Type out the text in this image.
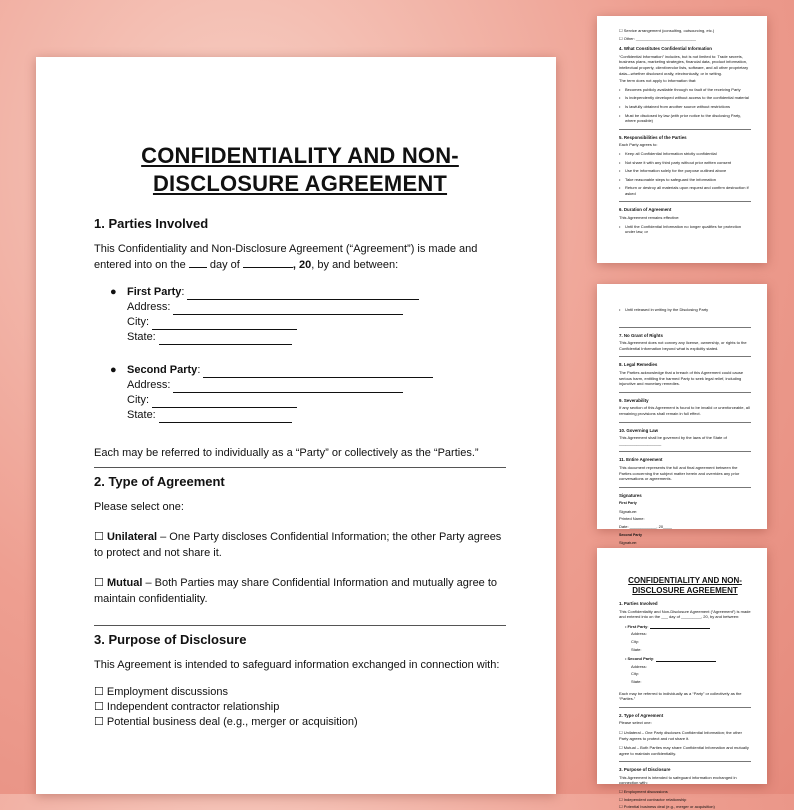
CONFIDENTIALITY AND NON-
DISCLOSURE AGREEMENT
1. Parties Involved

This Confidentiality and Non-Disclosure Agreement (“Agreement”) is made and entered into on the day of	, 20, by and between:

● First Party :
Address:
City:
State:
● Second Party :
Address:
City:
State:

Each may be referred to individually as a “Party” or collectively as the “Parties.”

2. Type of Agreement

Please select one:

☐ Unilateral – One Party discloses Confidential Information; the other Party agrees to protect and not share it.

☐ Mutual – Both Parties may share Confidential Information and mutually agree to maintain confidentiality.

3. Purpose of Disclosure

This Agreement is intended to safeguard information exchanged in connection with:

☐ Employment discussions
☐ Independent contractor relationship
☐ Potential business deal (e.g., merger or acquisition)
☐ Service arrangement (consulting, outsourcing, etc.)
☐ Other: ___________________________
4. What Constitutes Confidential Information
“Confidential Information” includes, but is not limited to: Trade secrets, business plans, marketing strategies, financial data, product information, intellectual property, client/vendor lists, software, and all other proprietary data—whether disclosed orally, electronically, or in writing.
The term does not apply to information that:
• Becomes publicly available through no fault of the receiving Party
• Is independently developed without access to the confidential material
• Is lawfully obtained from another source without restrictions
• Must be disclosed by law (with prior notice to the disclosing Party, where possible)
5. Responsibilities of the Parties
Each Party agrees to:
• Keep all Confidential Information strictly confidential
• Not share it with any third party without prior written consent
• Use the information solely for the purpose outlined above
• Take reasonable steps to safeguard the information
• Return or destroy all materials upon request and confirm destruction if asked
6. Duration of Agreement
This Agreement remains effective:
• Until the Confidential Information no longer qualifies for protection under law, or
• Until released in writing by the Disclosing Party
7. No Grant of Rights
This Agreement does not convey any license, ownership, or rights to the Confidential Information beyond what is explicitly stated.
8. Legal Remedies
The Parties acknowledge that a breach of this Agreement could cause serious harm, entitling the harmed Party to seek legal relief, including injunctive and monetary remedies.
9. Severability
If any section of this Agreement is found to be invalid or unenforceable, all remaining provisions shall remain in full effect.
10. Governing Law
This Agreement shall be governed by the laws of the State of ___________________
11. Entire Agreement
This document represents the full and final agreement between the Parties concerning the subject matter herein and overrides any prior conversations or agreements.
Signatures
First Party
Signature:
Printed Name:
Date: ____________, 20____
Second Party
Signature:
CONFIDENTIALITY AND NON-
DISCLOSURE AGREEMENT
1. Parties Involved
This Confidentiality and Non-Disclosure Agreement (“Agreement”) is made and entered into on the ___ day of _________, 20, by and between:
• First Party:
Address:
City:
State:
• Second Party:
Address:
City:
State:
Each may be referred to individually as a “Party” or collectively as the “Parties.”
2. Type of Agreement
Please select one:
☐ Unilateral – One Party discloses Confidential Information; the other Party agrees to protect and not share it.
☐ Mutual – Both Parties may share Confidential Information and mutually agree to maintain confidentiality.
3. Purpose of Disclosure
This Agreement is intended to safeguard information exchanged in connection with:
☐ Employment discussions
☐ Independent contractor relationship
☐ Potential business deal (e.g., merger or acquisition)
